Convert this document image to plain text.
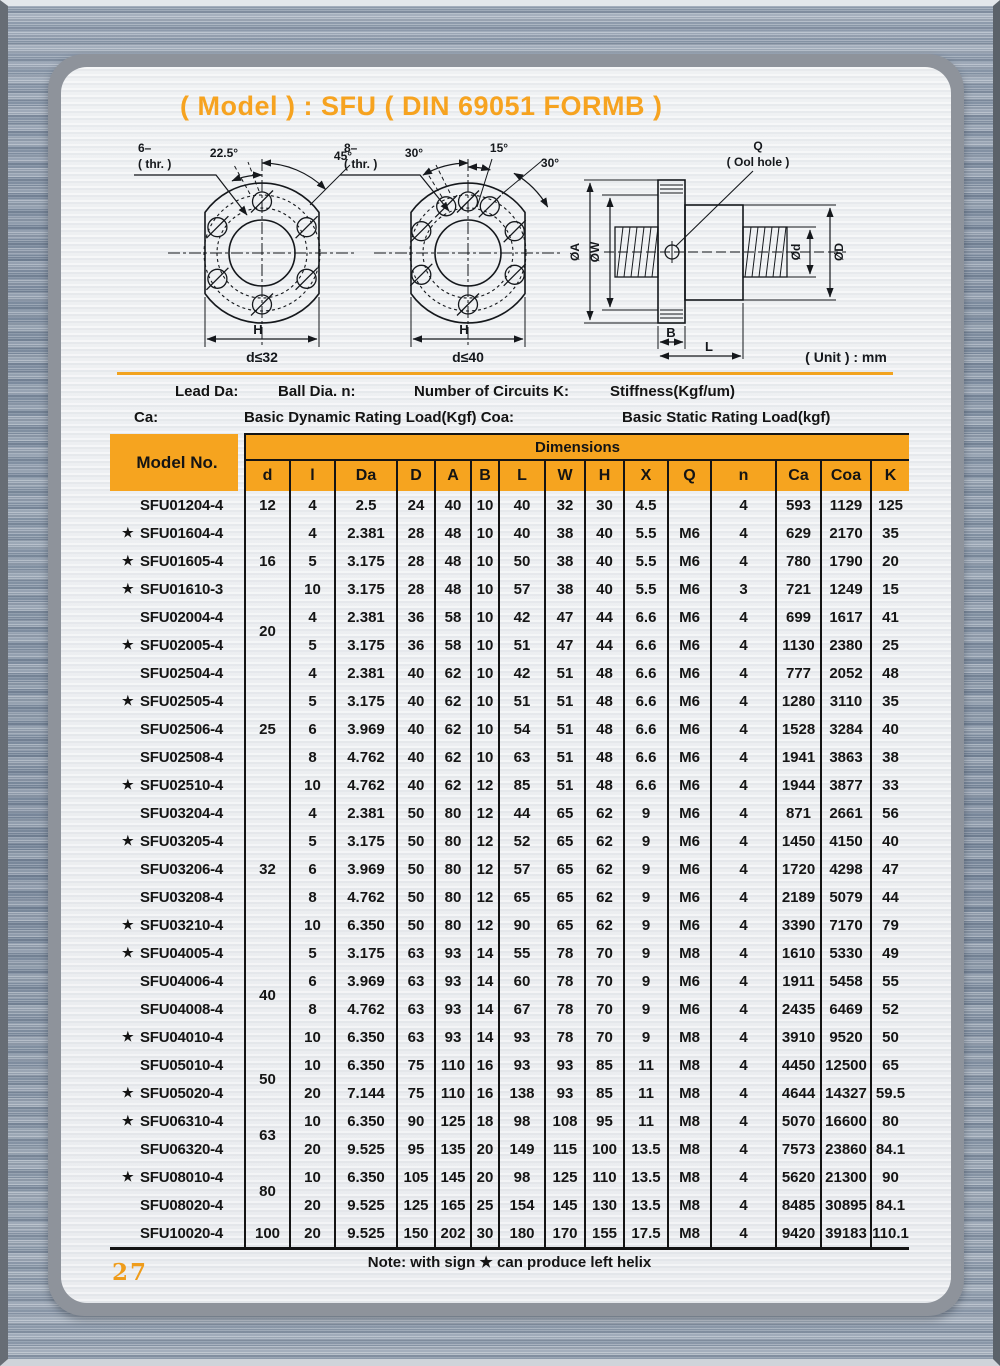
( Model ) : SFU ( DIN 69051 FORMB )
6–
( thr. )
22.5°	45°
H
d≤32
8–
( thr. )
30°	15°
30°
H
d≤40
Q
( Ool hole )
ØA ØW	Ød ØD
B
L
( Unit ) : mm
Lead Da:	Ball Dia. n:	Number of Circuits K:	Stiffness(Kgf/um)
Ca:	Basic Dynamic Rating Load(Kgf) Coa:	Basic Static Rating Load(kgf)
Model No.	Dimensions														
	d	l	Da	D	A	B	L	W	H	X	Q	n	Ca	Coa	K
SFU01204-4	12	4	2.5	24	40	10	40	32	30	4.5		4	593	1129	125
★ SFU01604-4	16	4	2.381	28	48	10	40	38	40	5.5	M6	4	629	2170	35
★ SFU01605-4		5	3.175	28	48	10	50	38	40	5.5	M6	4	780	1790	20
★ SFU01610-3		10	3.175	28	48	10	57	38	40	5.5	M6	3	721	1249	15
SFU02004-4	20	4	2.381	36	58	10	42	47	44	6.6	M6	4	699	1617	41
★ SFU02005-4		5	3.175	36	58	10	51	47	44	6.6	M6	4	1130	2380	25
SFU02504-4	25	4	2.381	40	62	10	42	51	48	6.6	M6	4	777	2052	48
★ SFU02505-4		5	3.175	40	62	10	51	51	48	6.6	M6	4	1280	3110	35
SFU02506-4		6	3.969	40	62	10	54	51	48	6.6	M6	4	1528	3284	40
SFU02508-4		8	4.762	40	62	10	63	51	48	6.6	M6	4	1941	3863	38
★ SFU02510-4		10	4.762	40	62	12	85	51	48	6.6	M6	4	1944	3877	33
SFU03204-4	32	4	2.381	50	80	12	44	65	62	9	M6	4	871	2661	56
★ SFU03205-4		5	3.175	50	80	12	52	65	62	9	M6	4	1450	4150	40
SFU03206-4		6	3.969	50	80	12	57	65	62	9	M6	4	1720	4298	47
SFU03208-4		8	4.762	50	80	12	65	65	62	9	M6	4	2189	5079	44
★ SFU03210-4		10	6.350	50	80	12	90	65	62	9	M6	4	3390	7170	79
★ SFU04005-4	40	5	3.175	63	93	14	55	78	70	9	M8	4	1610	5330	49
SFU04006-4		6	3.969	63	93	14	60	78	70	9	M6	4	1911	5458	55
SFU04008-4		8	4.762	63	93	14	67	78	70	9	M6	4	2435	6469	52
★ SFU04010-4		10	6.350	63	93	14	93	78	70	9	M8	4	3910	9520	50
SFU05010-4	50	10	6.350	75	110	16	93	93	85	11	M8	4	4450	12500	65
★ SFU05020-4		20	7.144	75	110	16	138	93	85	11	M8	4	4644	14327	59.5
★ SFU06310-4	63	10	6.350	90	125	18	98	108	95	11	M8	4	5070	16600	80
SFU06320-4		20	9.525	95	135	20	149	115	100	13.5	M8	4	7573	23860	84.1
★ SFU08010-4	80	10	6.350	105	145	20	98	125	110	13.5	M8	4	5620	21300	90
SFU08020-4		20	9.525	125	165	25	154	145	130	13.5	M8	4	8485	30895	84.1
SFU10020-4	100	20	9.525	150	202	30	180	170	155	17.5	M8	4	9420	39183	110.1
Note: with sign ★ can produce left helix
27
